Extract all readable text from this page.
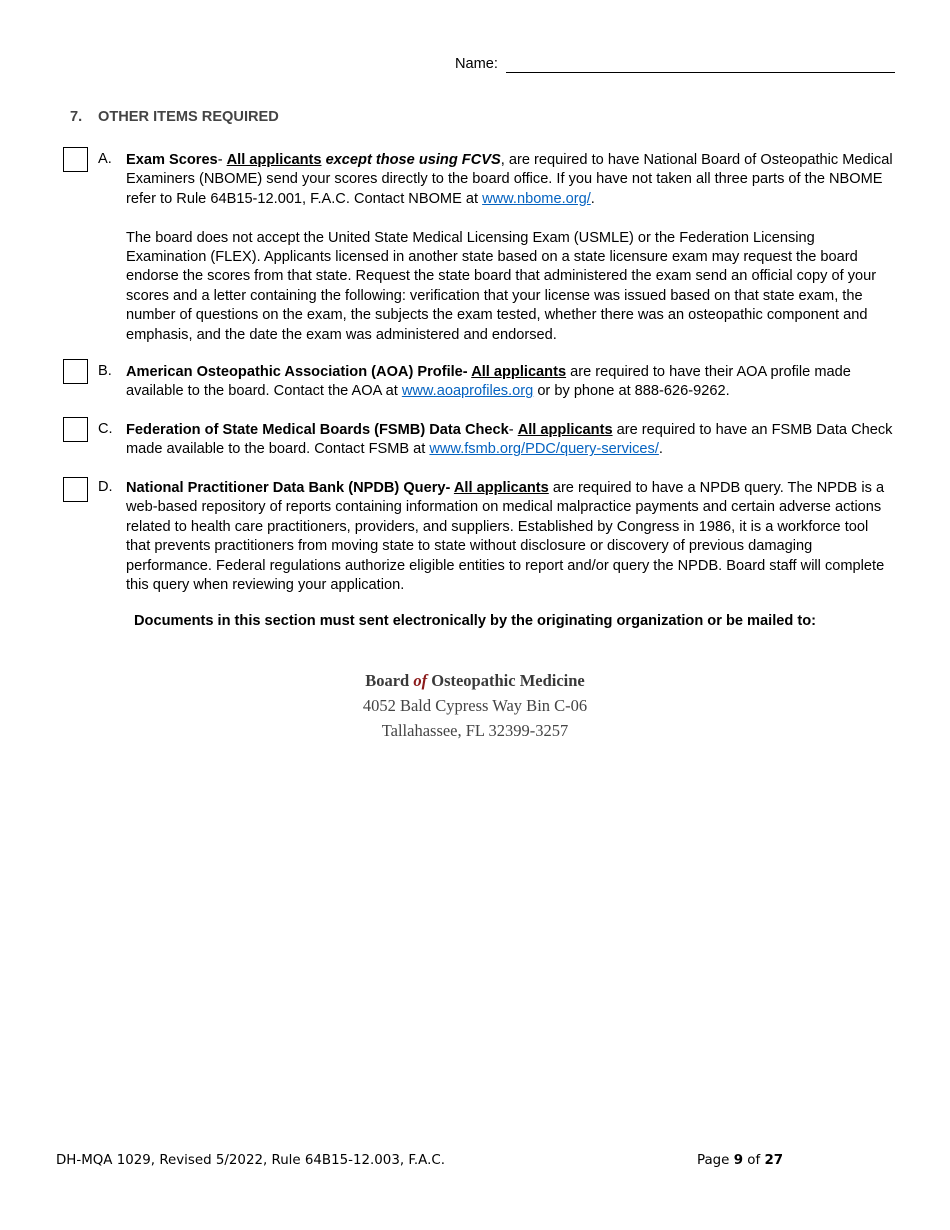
Name:
7. OTHER ITEMS REQUIRED
A. Exam Scores- All applicants except those using FCVS, are required to have National Board of Osteopathic Medical Examiners (NBOME) send your scores directly to the board office. If you have not taken all three parts of the NBOME refer to Rule 64B15-12.001, F.A.C. Contact NBOME at www.nbome.org/.

The board does not accept the United State Medical Licensing Exam (USMLE) or the Federation Licensing Examination (FLEX). Applicants licensed in another state based on a state licensure exam may request the board endorse the scores from that state. Request the state board that administered the exam send an official copy of your scores and a letter containing the following: verification that your license was issued based on that state exam, the number of questions on the exam, the subjects the exam tested, whether there was an osteopathic component and emphasis, and the date the exam was administered and endorsed.

B. American Osteopathic Association (AOA) Profile- All applicants are required to have their AOA profile made available to the board. Contact the AOA at www.aoaprofiles.org or by phone at 888-626-9262.

C. Federation of State Medical Boards (FSMB) Data Check- All applicants are required to have an FSMB Data Check made available to the board. Contact FSMB at www.fsmb.org/PDC/query-services/.

D. National Practitioner Data Bank (NPDB) Query- All applicants are required to have a NPDB query. The NPDB is a web-based repository of reports containing information on medical malpractice payments and certain adverse actions related to health care practitioners, providers, and suppliers. Established by Congress in 1986, it is a workforce tool that prevents practitioners from moving state to state without disclosure or discovery of previous damaging performance. Federal regulations authorize eligible entities to report and/or query the NPDB. Board staff will complete this query when reviewing your application.

Documents in this section must sent electronically by the originating organization or be mailed to:
Board of Osteopathic Medicine
4052 Bald Cypress Way Bin C-06
Tallahassee, FL 32399-3257
DH-MQA 1029, Revised 5/2022, Rule 64B15-12.003, F.A.C.	Page 9 of 27
